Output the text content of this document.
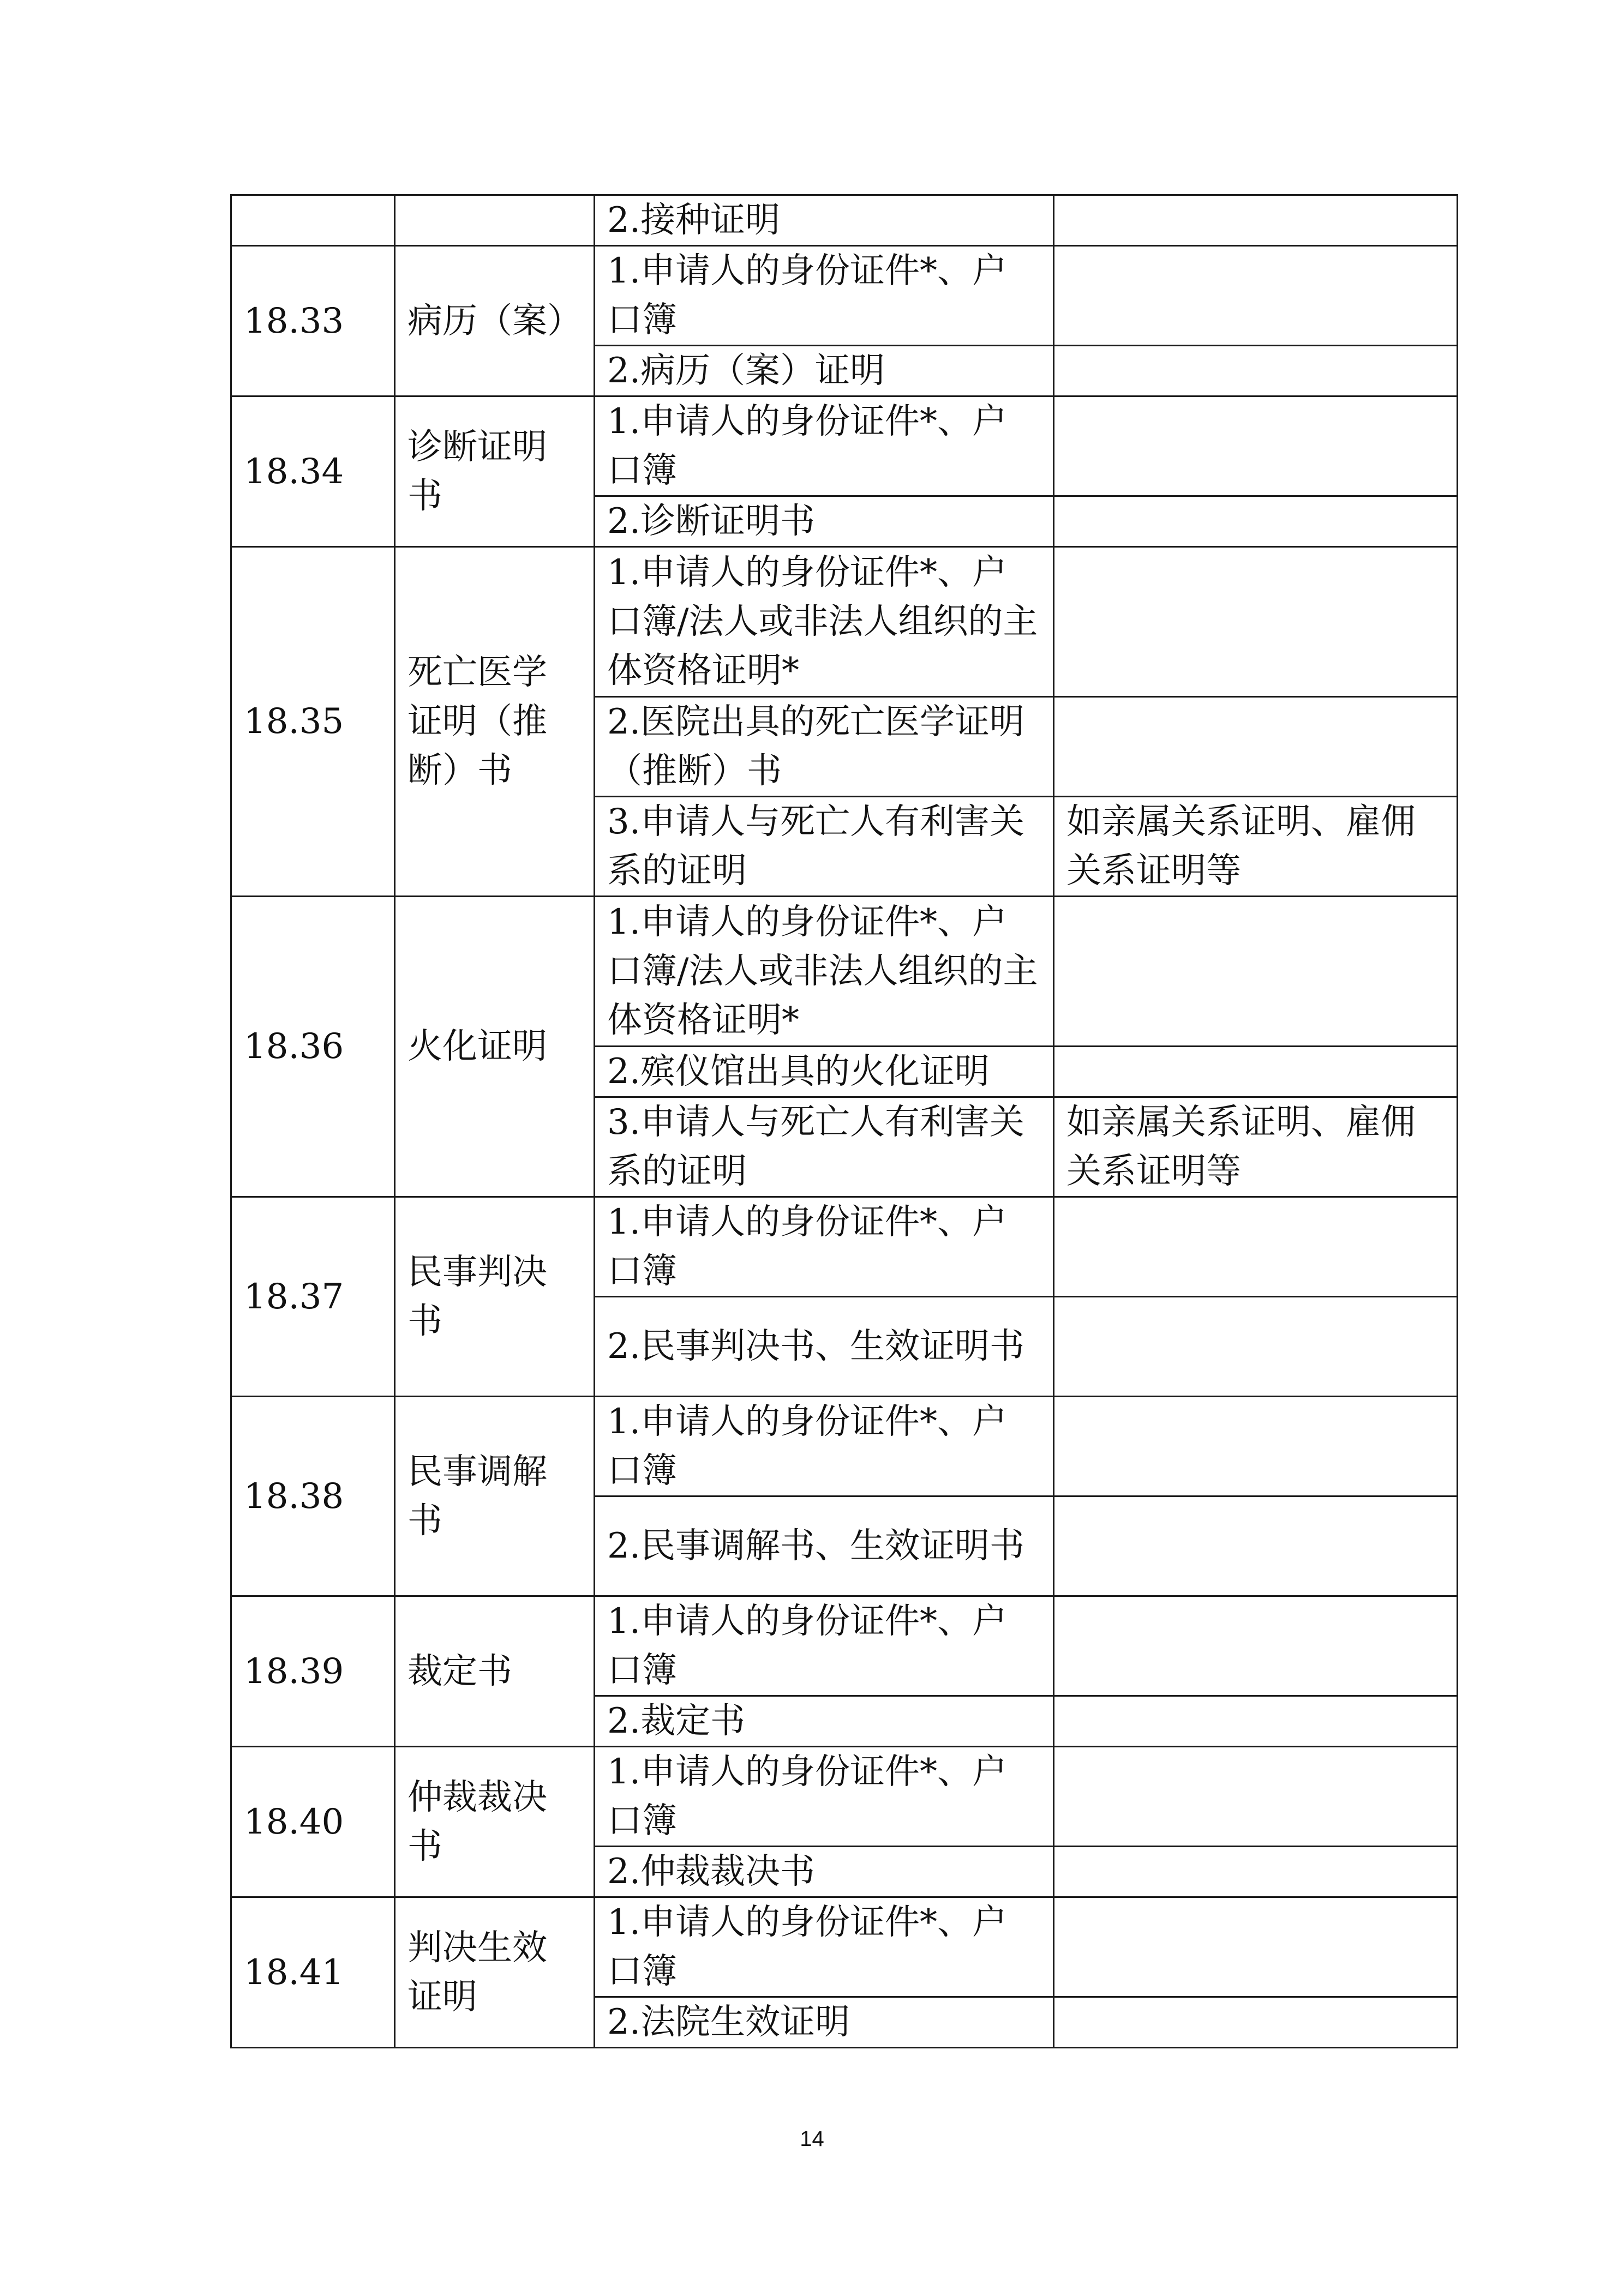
		2.接种证明	
18.33	病历（案）	1.申请人的身份证件*、户口簿	
		2.病历（案）证明	
18.34	诊断证明书	1.申请人的身份证件*、户口簿	
		2.诊断证明书	
18.35	死亡医学证明（推断）书	1.申请人的身份证件*、户口簿/法人或非法人组织的主体资格证明*	
		2.医院出具的死亡医学证明（推断）书	
		3.申请人与死亡人有利害关系的证明	如亲属关系证明、雇佣关系证明等
18.36	火化证明	1.申请人的身份证件*、户口簿/法人或非法人组织的主体资格证明*	
		2.殡仪馆出具的火化证明	
		3.申请人与死亡人有利害关系的证明	如亲属关系证明、雇佣关系证明等
18.37	民事判决书	1.申请人的身份证件*、户口簿	
		2.民事判决书、生效证明书	
18.38	民事调解书	1.申请人的身份证件*、户口簿	
		2.民事调解书、生效证明书	
18.39	裁定书	1.申请人的身份证件*、户口簿	
		2.裁定书	
18.40	仲裁裁决书	1.申请人的身份证件*、户口簿	
		2.仲裁裁决书	
18.41	判决生效证明	1.申请人的身份证件*、户口簿	
		2.法院生效证明	
14
